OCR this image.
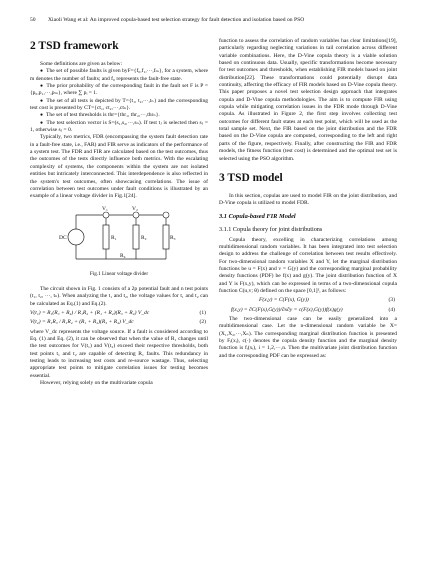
50 Xiaoli Wang et al: An improved copula-based test selection strategy for fault detection and isolation based on PSO
2 TSD framework

Some definitions are given as below:

● The set of possible faults is given byF={f₀,f₁,···,fₘ}, for a system, where m denotes the number of faults; and f₀ represents the fault-free state.

● The prior probability of the corresponding fault in the fault set F is P = {p₀,p₁,···,pₘ}, where ∑ pᵢ = 1.

● The set of all tests is depicted by T={t₁, t₂,···,tₙ} and the corresponding test cost is presented by CT={ct₁, ct₂,···,ctₙ}.

● The set of test thresholds is thr={thr₁, thr₂,···,thrₙ}.

● The test selection vector is S=(s₁,s₂,···,sₙ). If test tⱼ is selected then sⱼ = 1, otherwise sⱼ = 0.

Typically, two metrics, FDR (encompassing the system fault detection rate in a fault-free state, i.e., FAR) and FIR serve as indicators of the performance of a system test. The FDR and FIR are calculated based on the test outcomes, thus the outcomes of the tests directly influence both metrics. With the escalating complexity of systems, the components within the system are not isolated entities but intricately interconnected. This interdependence is also reflected in the system's test outcomes, often showcasing correlations. The issue of correlation between test outcomes under fault conditions is illustrated by an example of a linear voltage divider in Fig.1[24].

DC	R₁	R₂	R₃
R₄
V₁	V₂

Fig.1 Linear voltage divider

The circuit shown in Fig. 1 consists of a 2p potential fault and n test points (t₁, t₂, ···, tₙ). When analyzing the t₁ and t₂, the voltage values for t₁ and t₂ can be calculated as Eq.(1) and Eq.(2).

V(t₁) = R₁(R₃ + R₄) / R₁R₂ + (R₁ + R₂)(R₃ + R₄) V_dc	(1)
V(t₂) = R₁R₃ / R₁R₂ + (R₁ + R₂)(R₃ + R₄) V_dc	(2)

where V_dc represents the voltage source. If a fault is considered according to Eq. (1) and Eq. (2), it can be observed that when the value of R₁ changes until the test outcomes for V(t₁) and V(t₂) exceed their respective thresholds, both test points t₁ and t₂ are capable of detecting R₁ faults. This redundancy in testing leads to increasing test costs and re-source wastage. Thus, selecting appropriate test points to mitigate correlation issues for testing becomes essential.

However, relying solely on the multivariate copula

function to assess the correlation of random variables has clear limitations[19], particularly regarding neglecting variations in tail correlation across different variable combinations. Here, the D-Vine copula theory is a viable solution based on continuous data. Usually, specific transformations become necessary for test outcomes and thresholds, when establishing FIR models based on joint distribution[22]. These transformations could potentially disrupt data continuity, affecting the efficacy of FIR models based on D-Vine copula theory. This paper proposes a novel test selection design approach that integrates copula and D-Vine copula methodologies. The aim is to compute FIR using copula while mitigating correlation issues in the FDR mode through D-Vine copula. As illustrated in Figure 2, the first step involves collecting test outcomes for different fault states at each test point, which will be used as the total sample set. Next, the FIR based on the joint distribution and the FDR based on the D-Vine copula are computed, corresponding to the left and right parts of the figure, respectively. Finally, after constructing the FIR and FDR models, the fitness function (test cost) is determined and the optimal test set is selected using the PSO algorithm.

3 TSD model

In this section, copulas are used to model FIR on the joint distribution, and D-Vine copula is utilized to model FDR.

3.1 Copula-based FIR Model
3.1.1 Copula theory for joint distributions

Copula theory, excelling in characterizing correlations among multidimensional random variables. It has been integrated into test selection design to address the challenge of correlation between test results effectively. For two-dimensional random variables X and Y, let the marginal distribution functions be u = F(x) and v = G(y) and the corresponding marginal probability density functions (PDF) be f(x) and g(y). The joint distribution function of X and Y is F(x,y), which can be expressed in terms of a two-dimensional copula function C(u,v; θ) defined on the space [0,1]², as follows:

F(x,y) = C(F(x), G(y))	(3)
f(x,y) = ∂C(F(x),G(y))/∂x∂y = c(F(x),G(y))f(x)g(y)	(4)

The two-dimensional case can be easily generalized into a multidimensional case. Let the n-dimensional random variable be X=(X₁,X₂,···,Xₙ). The corresponding marginal distribution function is presented by Fᵢ(xᵢ), c(·) denotes the copula density function and the marginal density function is fᵢ(xᵢ), i = 1,2,···,n. Then the multivariate joint distribution function and the corresponding PDF can be expressed as:
